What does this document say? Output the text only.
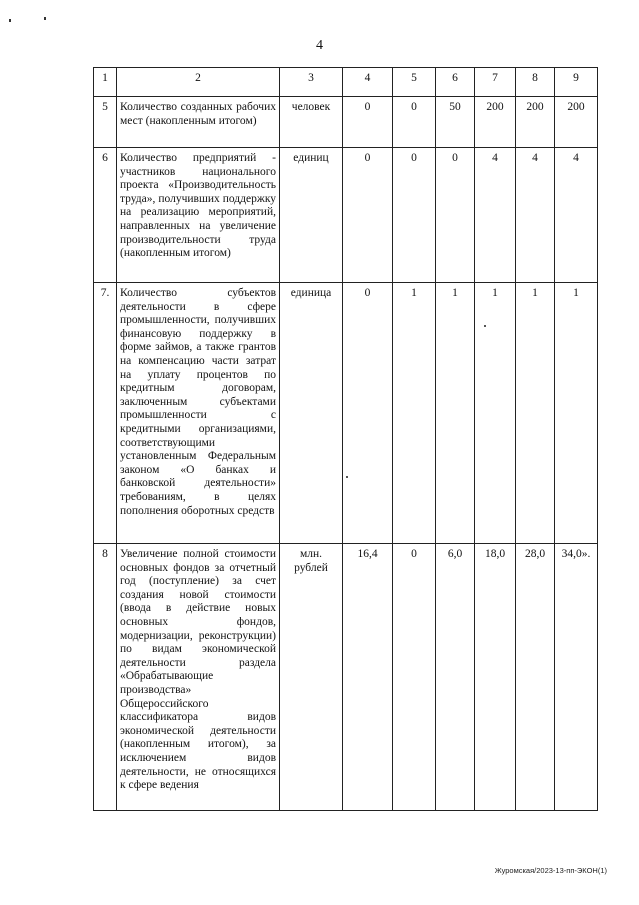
4
1	2	3	4	5	6	7	8	9
5	Количество созданных рабочих мест (накопленным итогом)	человек	0	0	50	200	200	200
6	Количество предприятий - участников национального проекта «Производительность труда», получивших поддержку на реализацию мероприятий, направленных на увеличение производительности труда (накопленным итогом)	единиц	0	0	0	4	4	4
7.	Количество субъектов деятельности в сфере промышленности, получивших финансовую поддержку в форме займов, а также грантов на компенсацию части затрат на уплату процентов по кредитным договорам, заключенным субъектами промышленности с кредитными организациями, соответствующими установленным Федеральным законом «О банках и банковской деятельности» требованиям, в целях пополнения оборотных средств	единица	0	1	1	1	1	1
8	Увеличение полной стоимости основных фондов за отчетный год (поступление) за счет создания новой стоимости (ввода в действие новых основных фондов, модернизации, реконструкции) по видам экономической деятельности раздела «Обрабатывающие производства» Общероссийского классификатора видов экономической деятельности (накопленным итогом), за исключением видов деятельности, не относящихся к сфере ведения	млн. рублей	16,4	0	6,0	18,0	28,0	34,0».
Журомская/2023-13-пп-ЭКОН(1)
